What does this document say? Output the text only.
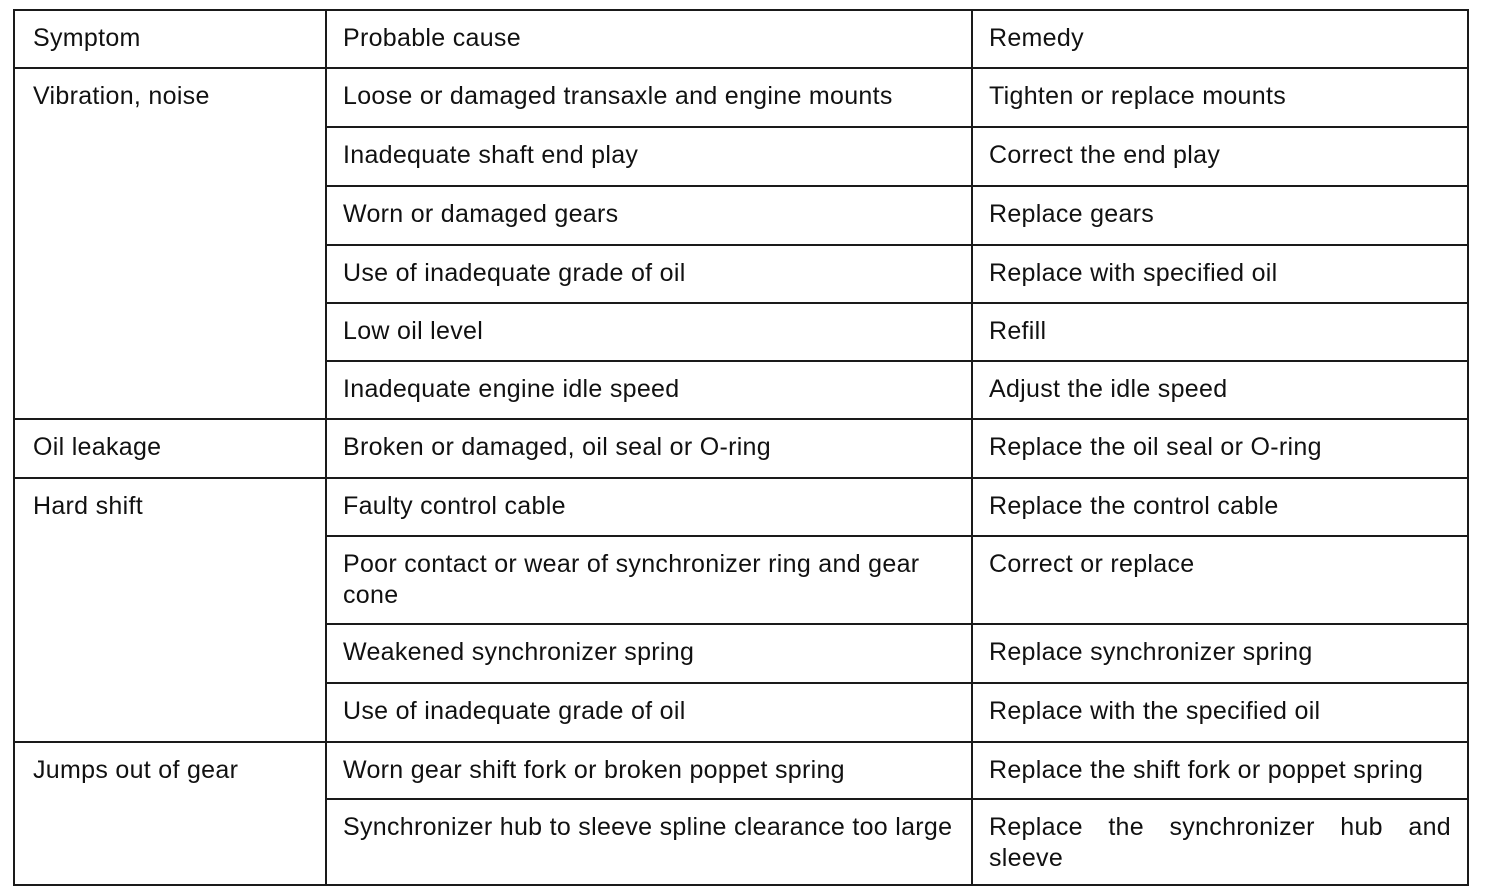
Symptom	Probable cause	Remedy
Vibration, noise	Loose or damaged transaxle and engine mounts	Tighten or replace mounts
	Inadequate shaft end play	Correct the end play
	Worn or damaged gears	Replace gears
	Use of inadequate grade of oil	Replace with specified oil
	Low oil level	Refill
	Inadequate engine idle speed	Adjust the idle speed
Oil leakage	Broken or damaged, oil seal or O-ring	Replace the oil seal or O-ring
Hard shift	Faulty control cable	Replace the control cable
	Poor contact or wear of synchronizer ring and gear cone	Correct or replace
	Weakened synchronizer spring	Replace synchronizer spring
	Use of inadequate grade of oil	Replace with the specified oil
Jumps out of gear	Worn gear shift fork or broken poppet spring	Replace the shift fork or poppet spring
	Synchronizer hub to sleeve spline clearance too large	Replace the synchronizer hub and sleeve
